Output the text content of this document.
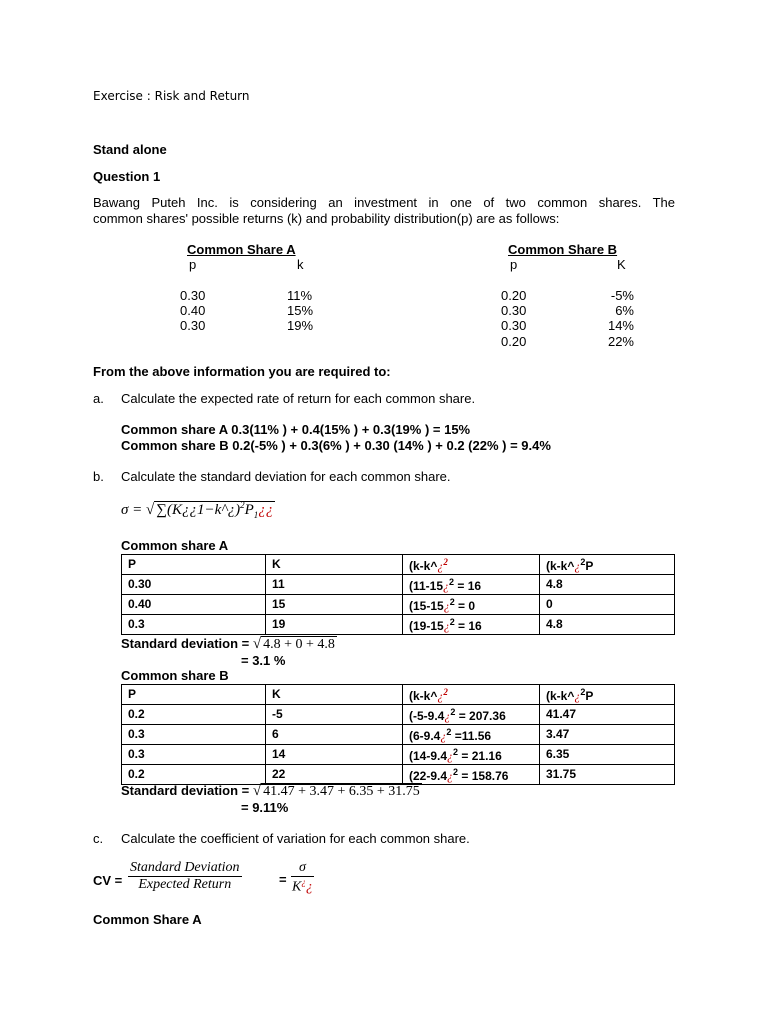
Exercise : Risk and Return
Stand alone
Question 1
Bawang Puteh Inc. is considering an investment in one of two common shares. The
common shares' possible returns (k) and probability distribution(p) are as follows:
Common Share A
p	k
0.30	11%
0.40	15%
0.30	19%
Common Share B
p	K
0.20	-5%
0.30	6%
0.30	14%
0.20	22%
From the above information you are required to:
a. Calculate the expected rate of return for each common share.
Common share A 0.3(11% ) + 0.4(15% ) + 0.3(19% ) = 15%
Common share B 0.2(-5% ) + 0.3(6% ) + 0.30 (14% ) + 0.2 (22% ) = 9.4%
b. Calculate the standard deviation for each common share.
σ = √ $\sum(K¿¿1-k\^{}¿)^2P_1¿¿$
Common share A
P	K	(k-k^¿$^2$	(k-k^¿$^2$P
0.30	11	(11-15¿$^2$ = 16	4.8
0.40	15	(15-15¿$^2$ = 0	0
0.3	19	(19-15¿$^2$ = 16	4.8
Standard deviation = √ 4.8 + 0 + 4.8
= 3.1 %
Common share B
P	K	(k-k^¿$^2$	(k-k^¿$^2$P
0.2	-5	(-5-9.4¿$^2$ = 207.36	41.47
0.3	6	(6-9.4¿$^2$ =11.56	3.47
0.3	14	(14-9.4¿$^2$ = 21.16	6.35
0.2	22	(22-9.4¿$^2$ = 158.76	31.75
Standard deviation = √ 41.47 + 3.47 + 6.35 + 31.75
= 9.11%
c. Calculate the coefficient of variation for each common share.
CV =
Standard Deviation
Expected Return	= $\frac{\sigma}{K^¿¿}$
Common Share A
